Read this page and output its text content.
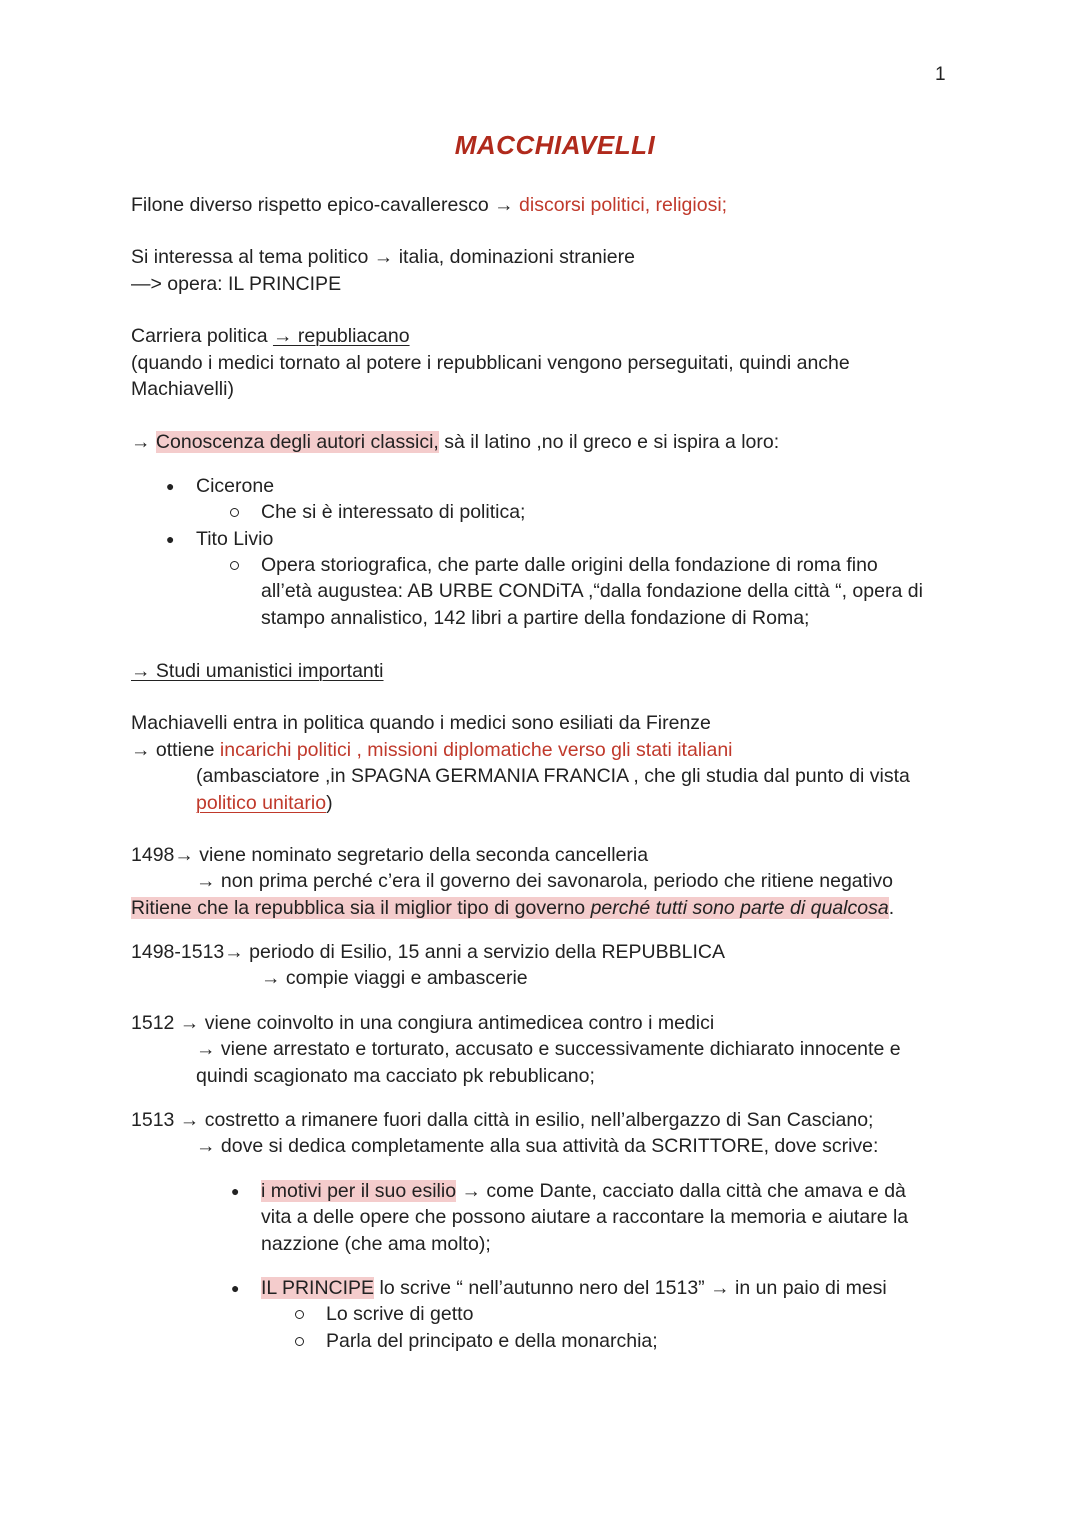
1
MACCHIAVELLI
Filone diverso rispetto epico-cavalleresco → discorsi politici, religiosi;
Si interessa al tema politico → italia, dominazioni straniere
—> opera: IL PRINCIPE
Carriera politica → republiacano
(quando i medici tornato al potere i repubblicani vengono perseguitati, quindi anche
Machiavelli)
→ Conoscenza degli autori classici, sà il latino ,no il greco e si ispira a loro:
● Cicerone
Che si è interessato di politica;
● Tito Livio
Opera storiografica, che parte dalle origini della fondazione di roma fino
all’età augustea: AB URBE CONDiTA ,“dalla fondazione della città “, opera di
stampo annalistico, 142 libri a partire della fondazione di Roma;
→ Studi umanistici importanti
Machiavelli entra in politica quando i medici sono esiliati da Firenze
→ ottiene incarichi politici , missioni diplomatiche verso gli stati italiani
(ambasciatore ,in SPAGNA GERMANIA FRANCIA , che gli studia dal punto di vista
politico unitario)
1498→ viene nominato segretario della seconda cancelleria
→ non prima perché c’era il governo dei savonarola, periodo che ritiene negativo
Ritiene che la repubblica sia il miglior tipo di governo perché tutti sono parte di qualcosa.
1498-1513→ periodo di Esilio, 15 anni a servizio della REPUBBLICA
→ compie viaggi e ambascerie
1512 → viene coinvolto in una congiura antimedicea contro i medici
→ viene arrestato e torturato, accusato e successivamente dichiarato innocente e
quindi scagionato ma cacciato pk rebublicano;
1513 → costretto a rimanere fuori dalla città in esilio, nell’albergazzo di San Casciano;
→ dove si dedica completamente alla sua attività da SCRITTORE, dove scrive:
● i motivi per il suo esilio → come Dante, cacciato dalla città che amava e dà
vita a delle opere che possono aiutare a raccontare la memoria e aiutare la
nazzione (che ama molto);
● IL PRINCIPE lo scrive “ nell’autunno nero del 1513” → in un paio di mesi
Lo scrive di getto
Parla del principato e della monarchia;
